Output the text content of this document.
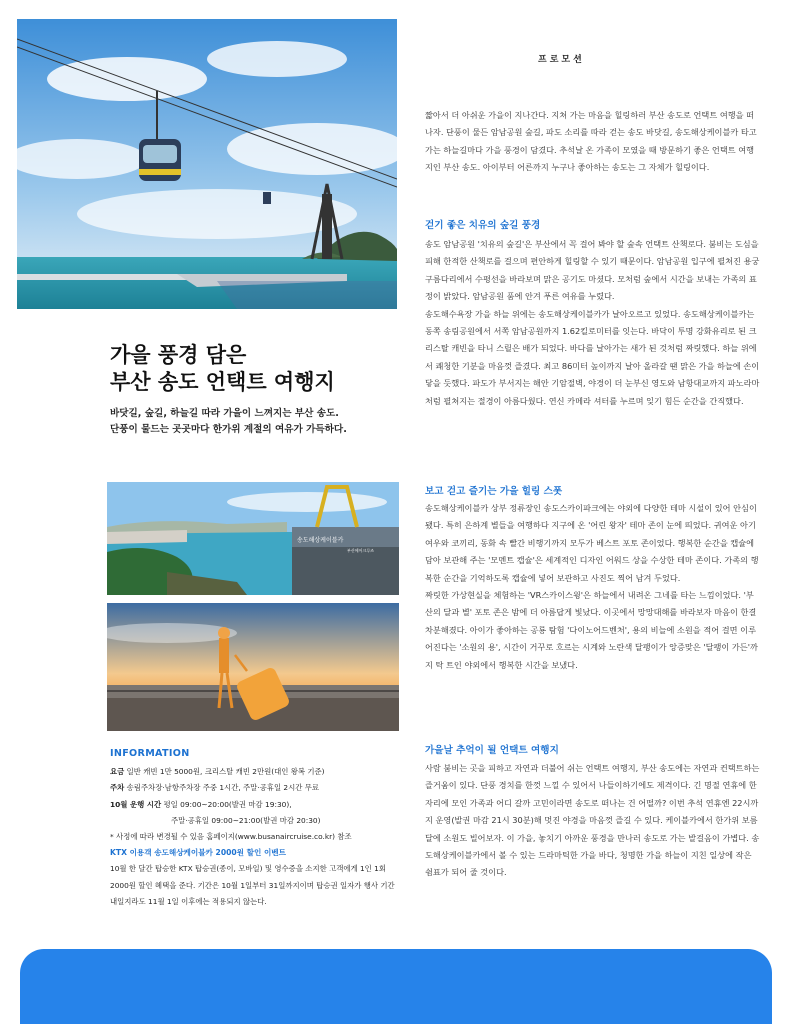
송도해상케이블카
부산에어크루즈
프로모션
가을 풍경 담은
부산 송도 언택트 여행지
바닷길, 숲길, 하늘길 따라 가을이 느껴지는 부산 송도.
단풍이 물드는 곳곳마다 한가위 계절의 여유가 가득하다.

짧아서 더 아쉬운 가을이 지나간다. 지쳐 가는 마음을 힐링하러 부산 송도로 언택트 여행을 떠나자. 단풍이 물든 암남공원 숲길, 파도 소리를 따라 걷는 송도 바닷길, 송도해상케이블카 타고 가는 하늘길마다 가을 풍경이 담겼다. 추석날 온 가족이 모였을 때 방문하기 좋은 언택트 여행지인 부산 송도. 아이부터 어른까지 누구나 좋아하는 송도는 그 자체가 힐링이다.

걷기 좋은 치유의 숲길 풍경

송도 암남공원 '치유의 숲길'은 부산에서 꼭 걸어 봐야 할 숲속 언택트 산책로다. 붐비는 도심을 피해 한적한 산책로를 걸으며 편안하게 힐링할 수 있기 때문이다. 암남공원 입구에 펼쳐진 용궁구름다리에서 수평선을 바라보며 맑은 공기도 마셨다. 모처럼 숲에서 시간을 보내는 가족의 표정이 밝았다. 암남공원 품에 안겨 푸른 여유를 누렸다.

송도해수욕장 가을 하늘 위에는 송도해상케이블카가 날아오르고 있었다. 송도해상케이블카는 동쪽 송림공원에서 서쪽 암남공원까지 1.62킬로미터를 잇는다. 바닥이 투명 강화유리로 된 크리스탈 캐빈을 타니 스릴은 배가 되었다. 바다를 날아가는 새가 된 것처럼 짜릿했다. 하늘 위에서 쾌청한 기분을 마음껏 즐겼다. 최고 86미터 높이까지 날아 올라갈 땐 맑은 가을 하늘에 손이 닿을 듯했다. 파도가 부서지는 해안 기암절벽, 야경이 더 눈부신 영도와 남항대교까지 파노라마처럼 펼쳐지는 절경이 아름다웠다. 연신 카메라 셔터를 누르며 잊기 힘든 순간을 간직했다.

보고 걷고 즐기는 가을 힐링 스폿

송도해상케이블카 상부 정류장인 송도스카이파크에는 야외에 다양한 테마 시설이 있어 안심이 됐다. 특히 은하계 별들을 여행하다 지구에 온 '어린 왕자' 테마 존이 눈에 띄었다. 귀여운 아기 여우와 코끼리, 동화 속 빨간 비행기까지 모두가 베스트 포토 존이었다. 행복한 순간을 캡슐에 담아 보관해 주는 '모멘트 캡슐'은 세계적인 디자인 어워드 상을 수상한 테마 존이다. 가족의 행복한 순간을 기억하도록 캡슐에 넣어 보관하고 사진도 찍어 남겨 두었다.

짜릿한 가상현실을 체험하는 'VR스카이스윙'은 하늘에서 내려온 그네를 타는 느낌이었다. '부산의 달과 별' 포토 존은 밤에 더 아름답게 빛났다. 이곳에서 망망대해를 바라보자 마음이 한결 차분해졌다. 아이가 좋아하는 공룡 탐험 '다이노어드벤처', 용의 비늘에 소원을 적어 걸면 이루어진다는 '소원의 용', 시간이 거꾸로 흐르는 시계와 노란색 달팽이가 앙증맞은 '달팽이 가든'까지 탁 트인 야외에서 행복한 시간을 보냈다.

가을날 추억이 될 언택트 여행지

사람 붐비는 곳을 피하고 자연과 더불어 쉬는 언택트 여행지, 부산 송도에는 자연과 컨택트하는 즐거움이 있다. 단풍 경치를 한껏 느낄 수 있어서 나들이하기에도 제격이다. 긴 명절 연휴에 한자리에 모인 가족과 어디 갈까 고민이라면 송도로 떠나는 건 어떨까? 이번 추석 연휴엔 22시까지 운영(발권 마감 21시 30분)해 멋진 야경을 마음껏 즐길 수 있다. 케이블카에서 한가위 보름달에 소원도 빌어보자. 이 가을, 놓치기 아까운 풍경을 만나러 송도로 가는 발걸음이 가볍다. 송도해상케이블카에서 볼 수 있는 드라마틱한 가을 바다, 청명한 가을 하늘이 지친 일상에 작은 쉼표가 되어 줄 것이다.

INFORMATION

요금 일반 캐빈 1만 5000원, 크리스탈 캐빈 2만원(대인 왕복 기준)

주차 송림주차장·남항주차장 주중 1시간, 주말·공휴일 2시간 무료

10월 운행 시간 평일 09:00~20:00(발권 마감 19:30),

주말·공휴일 09:00~21:00(발권 마감 20:30)

* 사정에 따라 변경될 수 있음 홈페이지(www.busanaircruise.co.kr) 참조

KTX 이용객 송도해상케이블카 2000원 할인 이벤트

10월 한 달간 탑승한 KTX 탑승권(종이, 모바일) 및 영수증을 소지한 고객에게 1인 1회 2000원 할인 혜택을 준다. 기간은 10월 1일부터 31일까지이며 탑승권 일자가 행사 기간 내일지라도 11월 1일 이후에는 적용되지 않는다.
